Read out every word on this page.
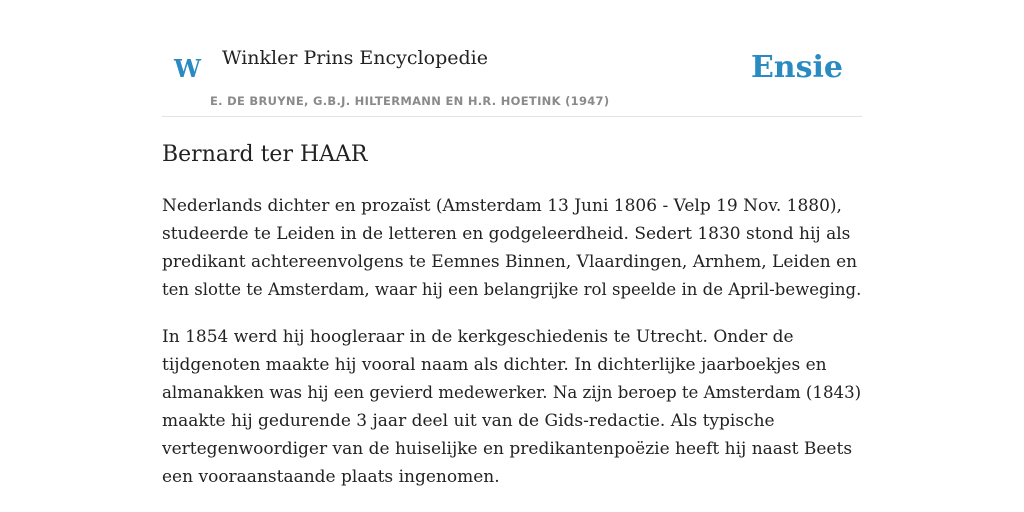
W Winkler Prins Encyclopedie
E. DE BRUYNE, G.B.J. HILTERMANN EN H.R. HOETINK (1947)
Ensie
Bernard ter HAAR

Nederlands dichter en prozaïst (Amsterdam 13 Juni 1806 - Velp 19 Nov. 1880),
studeerde te Leiden in de letteren en godgeleerdheid. Sedert 1830 stond hij als
predikant achtereenvolgens te Eemnes Binnen, Vlaardingen, Arnhem, Leiden en
ten slotte te Amsterdam, waar hij een belangrijke rol speelde in de April-beweging.

In 1854 werd hij hoogleraar in de kerkgeschiedenis te Utrecht. Onder de
tijdgenoten maakte hij vooral naam als dichter. In dichterlijke jaarboekjes en
almanakken was hij een gevierd medewerker. Na zijn beroep te Amsterdam (1843)
maakte hij gedurende 3 jaar deel uit van de Gids-redactie. Als typische
vertegenwoordiger van de huiselijke en predikantenpoëzie heeft hij naast Beets
een vooraanstaande plaats ingenomen.
